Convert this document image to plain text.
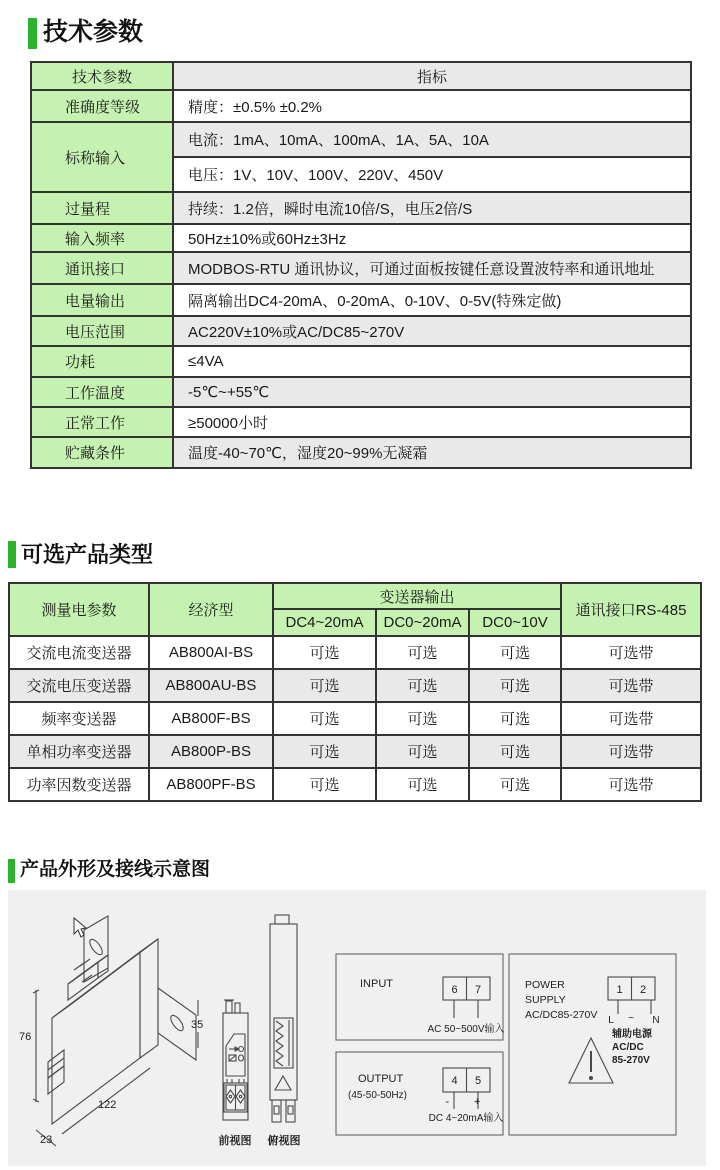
技术参数
技术参数	指标
准确度等级	精度：±0.5% ±0.2%
标称输入	电流：1mA、10mA、100mA、1A、5A、10A
	电压：1V、10V、100V、220V、450V
过量程	持续：1.2倍，瞬时电流10倍/S，电压2倍/S
输入频率	50Hz±10%或60Hz±3Hz
通讯接口	MODBOS-RTU 通讯协议，可通过面板按键任意设置波特率和通讯地址
电量输出	隔离输出DC4-20mA、0-20mA、0-10V、0-5V(特殊定做)
电压范围	AC220V±10%或AC/DC85~270V
功耗	≤4VA
工作温度	-5℃~+55℃
正常工作	≥50000小时
贮藏条件	温度-40~70℃，湿度20~99%无凝霜
可选产品类型
测量电参数	经济型	变送器输出			通讯接口RS-485
		DC4~20mA	DC0~20mA	DC0~10V	
交流电流变送器	AB800AI-BS	可选	可选	可选	可选带
交流电压变送器	AB800AU-BS	可选	可选	可选	可选带
频率变送器	AB800F-BS	可选	可选	可选	可选带
单相功率变送器	AB800P-BS	可选	可选	可选	可选带
功率因数变送器	AB800PF-BS	可选	可选	可选	可选带
产品外形及接线示意图
76
35
122
23	前视图 俯视图
INPUT	6 7
AC 50~500V输入
OUTPUT
(45-50-50Hz)
4 5
- +
DC 4~20mA输入
POWER
SUPPLY
AC/DC85-270V
1 2
L ~ N
辅助电源
AC/DC
85-270V
